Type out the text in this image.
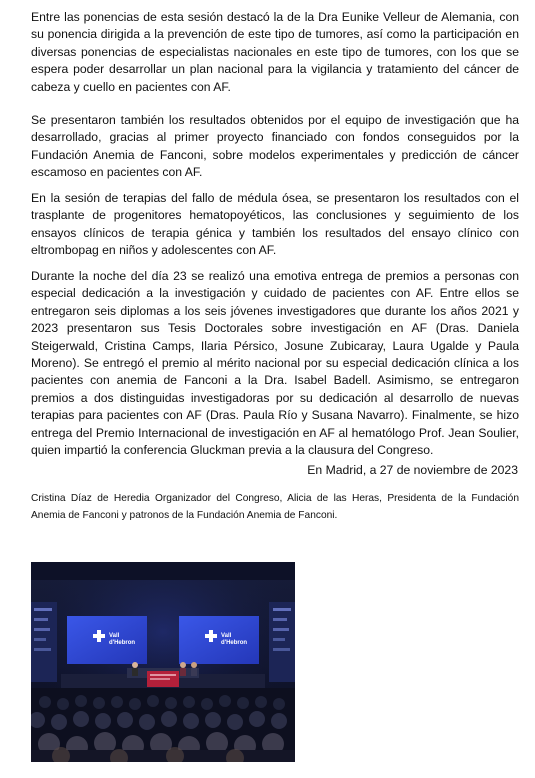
Entre las ponencias de esta sesión destacó la de la Dra Eunike Velleur de Alemania, con su ponencia dirigida a la prevención de este tipo de tumores, así como la participación en diversas ponencias de especialistas nacionales en este tipo de tumores, con los que se espera poder desarrollar un plan nacional para la vigilancia y tratamiento del cáncer de cabeza y cuello en pacientes con AF.

Se presentaron también los resultados obtenidos por el equipo de investigación que ha desarrollado, gracias al primer proyecto financiado con fondos conseguidos por la Fundación Anemia de Fanconi, sobre modelos experimentales y predicción de cáncer escamoso en pacientes con AF.

En la sesión de terapias del fallo de médula ósea, se presentaron los resultados con el trasplante de progenitores hematopoyéticos, las conclusiones y seguimiento de los ensayos clínicos de terapia génica y también los resultados del ensayo clínico con eltrombopag en niños y adolescentes con AF.

Durante la noche del día 23 se realizó una emotiva entrega de premios a personas con especial dedicación a la investigación y cuidado de pacientes con AF. Entre ellos se entregaron seis diplomas a los seis jóvenes investigadores que durante los años 2021 y 2023 presentaron sus Tesis Doctorales sobre investigación en AF (Dras. Daniela Steigerwald, Cristina Camps, Ilaria Pérsico, Josune Zubicaray, Laura Ugalde y Paula Moreno). Se entregó el premio al mérito nacional por su especial dedicación clínica a los pacientes con anemia de Fanconi a la Dra. Isabel Badell. Asimismo, se entregaron premios a dos distinguidas investigadoras por su dedicación al desarrollo de nuevas terapias para pacientes con AF (Dras. Paula Río y Susana Navarro). Finalmente, se hizo entrega del Premio Internacional de investigación en AF al hematólogo Prof. Jean Soulier, quien impartió la conferencia Gluckman previa a la clausura del Congreso.

En Madrid, a 27 de noviembre de 2023

Cristina Díaz de Heredia Organizador del Congreso, Alicia de las Heras, Presidenta de la Fundación Anemia de Fanconi y patronos de la Fundación Anemia de Fanconi.

Vall
d'Hebron
Vall
d'Hebron
